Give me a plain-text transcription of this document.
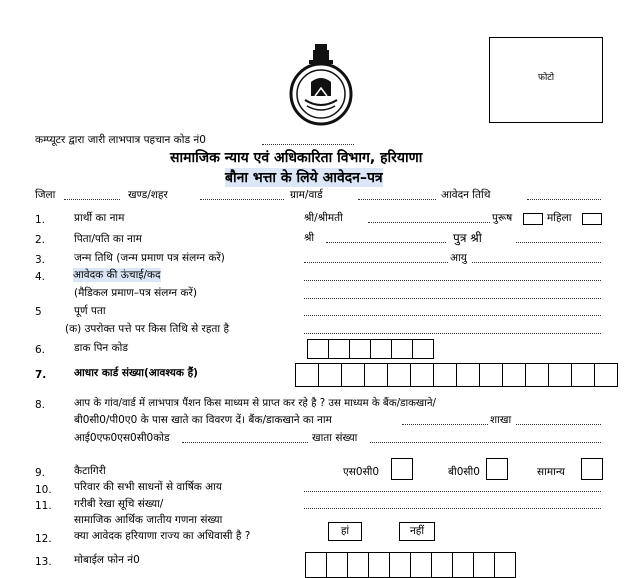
फोटो
कम्प्यूटर द्वारा जारी लाभपात्र पहचान कोड नं0
सामाजिक न्याय एवं अधिकारिता विभाग, हरियाणा
बौना भत्ता के लिये आवेदन–पत्र
जिला	खण्ड/शहर	ग्राम/वार्ड	आवेदन तिथि
1.	प्रार्थी का नाम	श्री/श्रीमती	पुरूष	महिला
2.	पिता/पति का नाम	श्री	पुत्र श्री
3.	जन्म तिथि (जन्म प्रमाण पत्र संलग्न करें)	आयु
4.	आवेदक की ऊंचाई/कद
(मैडिकल प्रमाण–पत्र संलग्न करें)
5	पूर्ण पता
(क) उपरोक्त पत्ते पर किस तिथि से रहता है
6.	डाक पिन कोड
7.	आधार कार्ड संख्या(आवश्यक हैं)
8.	आप के गांव/वार्ड में लाभपात्र पैंशन किस माध्यम से प्राप्त कर रहे है ? उस माध्यम के बैंक/डाकखाने/
बी0सी0/पी0ए0 के पास खाते का विवरण दें। बैंक/डाकखाने का नाम	शाखा
आई0एफ0एस0सी0कोड	खाता संख्या
9.	कैटागिरी	एस0सी0	बी0सी0	सामान्य
10. परिवार की सभी साधनों से वार्षिक आय
11. गरीबी रेखा सूचि संख्या/
सामाजिक आर्थिक जातीय गणना संख्या
12. क्या आवेदक हरियाणा राज्य का अधिवासी है ?	हां	नहीं
13. मोबाईल फोन नं0
